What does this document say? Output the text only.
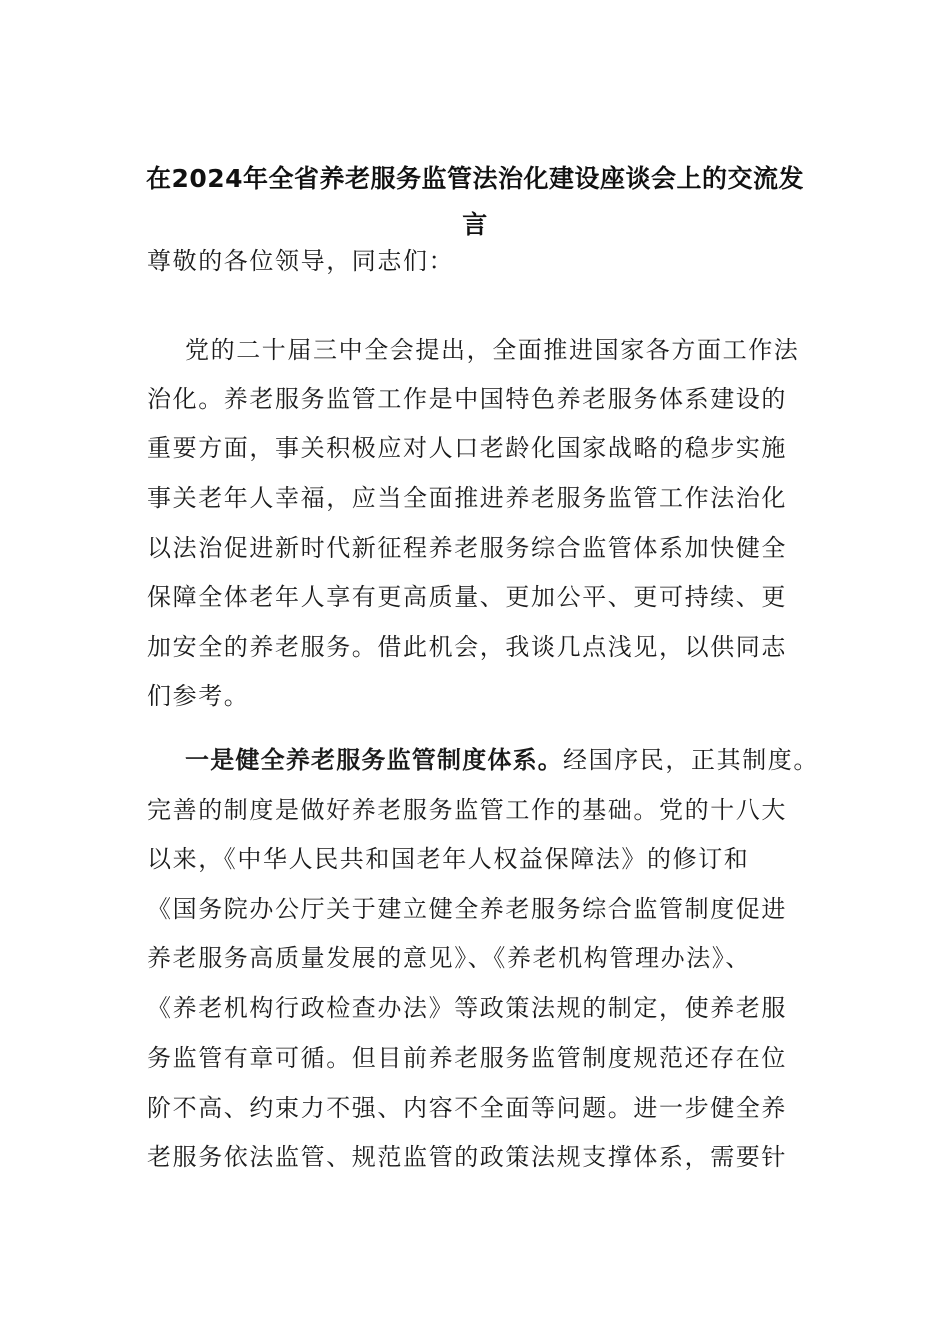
在2024年全省养老服务监管法治化建设座谈会上的交流发
言
尊敬的各位领导，同志们：
党的二十届三中全会提出，全面推进国家各方面工作法
治化。养老服务监管工作是中国特色养老服务体系建设的
重要方面，事关积极应对人口老龄化国家战略的稳步实施
事关老年人幸福，应当全面推进养老服务监管工作法治化
以法治促进新时代新征程养老服务综合监管体系加快健全
保障全体老年人享有更高质量、更加公平、更可持续、更
加安全的养老服务。借此机会，我谈几点浅见，以供同志
们参考。
一是健全养老服务监管制度体系。经国序民，正其制度。
完善的制度是做好养老服务监管工作的基础。党的十八大
以来，《中华人民共和国老年人权益保障法》的修订和
《国务院办公厅关于建立健全养老服务综合监管制度促进
养老服务高质量发展的意见》、《养老机构管理办法》、
《养老机构行政检查办法》等政策法规的制定，使养老服
务监管有章可循。但目前养老服务监管制度规范还存在位
阶不高、约束力不强、内容不全面等问题。进一步健全养
老服务依法监管、规范监管的政策法规支撑体系，需要针
